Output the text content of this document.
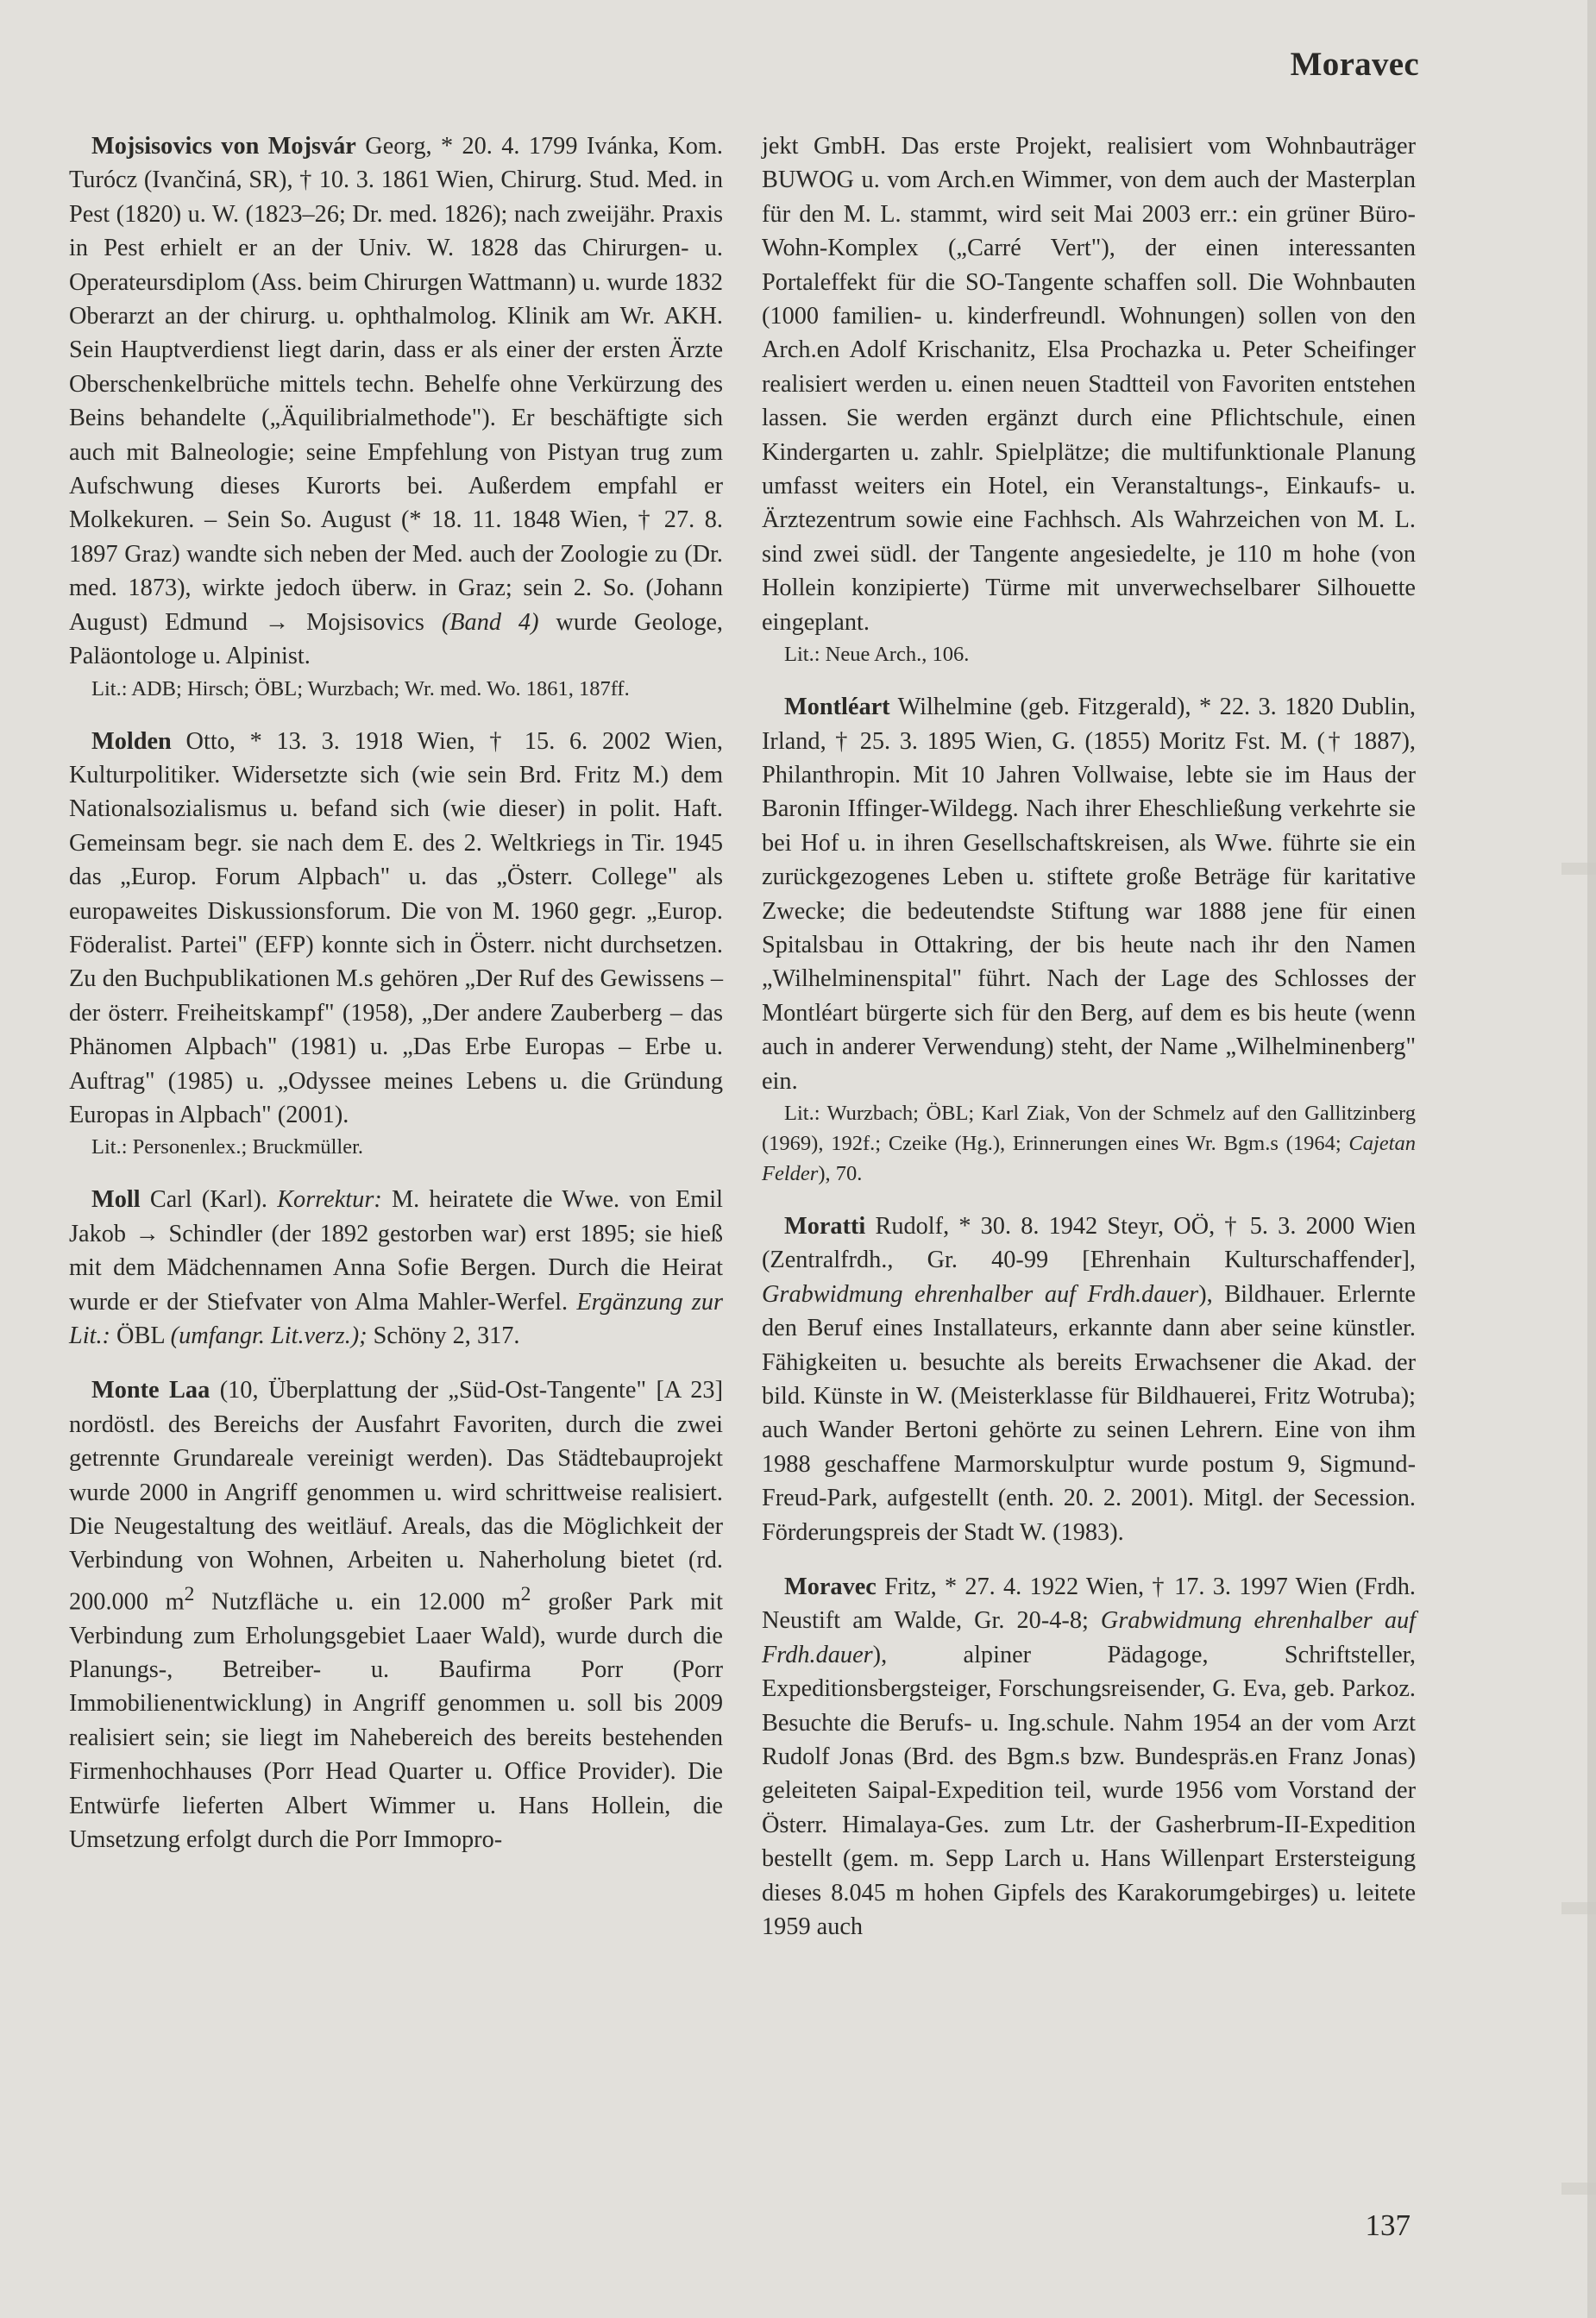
Moravec

Mojsisovics von Mojsvár Georg, * 20. 4. 1799 Ivánka, Kom. Turócz (Ivančiná, SR), † 10. 3. 1861 Wien, Chirurg. Stud. Med. in Pest (1820) u. W. (1823–26; Dr. med. 1826); nach zweijähr. Praxis in Pest erhielt er an der Univ. W. 1828 das Chirurgen- u. Operateursdiplom (Ass. beim Chirurgen Wattmann) u. wurde 1832 Oberarzt an der chirurg. u. ophthalmolog. Klinik am Wr. AKH. Sein Hauptverdienst liegt darin, dass er als einer der ersten Ärzte Oberschenkelbrüche mittels techn. Behelfe ohne Verkürzung des Beins behandelte („Äquilibrialmethode"). Er beschäftigte sich auch mit Balneologie; seine Empfehlung von Pistyan trug zum Aufschwung dieses Kurorts bei. Außerdem empfahl er Molkekuren. – Sein So. August (* 18. 11. 1848 Wien, † 27. 8. 1897 Graz) wandte sich neben der Med. auch der Zoologie zu (Dr. med. 1873), wirkte jedoch überw. in Graz; sein 2. So. (Johann August) Edmund → Mojsisovics (Band 4) wurde Geologe, Paläontologe u. Alpinist.

Lit.: ADB; Hirsch; ÖBL; Wurzbach; Wr. med. Wo. 1861, 187ff.

Molden Otto, * 13. 3. 1918 Wien, † 15. 6. 2002 Wien, Kulturpolitiker. Widersetzte sich (wie sein Brd. Fritz M.) dem Nationalsozialismus u. befand sich (wie dieser) in polit. Haft. Gemeinsam begr. sie nach dem E. des 2. Weltkriegs in Tir. 1945 das „Europ. Forum Alpbach" u. das „Österr. College" als europaweites Diskussionsforum. Die von M. 1960 gegr. „Europ. Föderalist. Partei" (EFP) konnte sich in Österr. nicht durchsetzen. Zu den Buchpublikationen M.s gehören „Der Ruf des Gewissens – der österr. Freiheitskampf" (1958), „Der andere Zauberberg – das Phänomen Alpbach" (1981) u. „Das Erbe Europas – Erbe u. Auftrag" (1985) u. „Odyssee meines Lebens u. die Gründung Europas in Alpbach" (2001).

Lit.: Personenlex.; Bruckmüller.

Moll Carl (Karl). Korrektur: M. heiratete die Wwe. von Emil Jakob → Schindler (der 1892 gestorben war) erst 1895; sie hieß mit dem Mädchennamen Anna Sofie Bergen. Durch die Heirat wurde er der Stiefvater von Alma Mahler-Werfel. Ergänzung zur Lit.: ÖBL (umfangr. Lit.verz.); Schöny 2, 317.

Monte Laa (10, Überplattung der „Süd-Ost-Tangente" [A 23] nordöstl. des Bereichs der Ausfahrt Favoriten, durch die zwei getrennte Grundareale vereinigt werden). Das Städtebauprojekt wurde 2000 in Angriff genommen u. wird schrittweise realisiert. Die Neugestaltung des weitläuf. Areals, das die Möglichkeit der Verbindung von Wohnen, Arbeiten u. Naherholung bietet (rd. 200.000 $m^2$ Nutzfläche u. ein 12.000 $m^2$ großer Park mit Verbindung zum Erholungsgebiet Laaer Wald), wurde durch die Planungs-, Betreiber- u. Baufirma Porr (Porr Immobilienentwicklung) in Angriff genommen u. soll bis 2009 realisiert sein; sie liegt im Nahebereich des bereits bestehenden Firmenhochhauses (Porr Head Quarter u. Office Provider). Die Entwürfe lieferten Albert Wimmer u. Hans Hollein, die Umsetzung erfolgt durch die Porr Immopro-

jekt GmbH. Das erste Projekt, realisiert vom Wohnbauträger BUWOG u. vom Arch.en Wimmer, von dem auch der Masterplan für den M. L. stammt, wird seit Mai 2003 err.: ein grüner Büro-Wohn-Komplex („Carré Vert"), der einen interessanten Portaleffekt für die SO-Tangente schaffen soll. Die Wohnbauten (1000 familien- u. kinderfreundl. Wohnungen) sollen von den Arch.en Adolf Krischanitz, Elsa Prochazka u. Peter Scheifinger realisiert werden u. einen neuen Stadtteil von Favoriten entstehen lassen. Sie werden ergänzt durch eine Pflichtschule, einen Kindergarten u. zahlr. Spielplätze; die multifunktionale Planung umfasst weiters ein Hotel, ein Veranstaltungs-, Einkaufs- u. Ärztezentrum sowie eine Fachhsch. Als Wahrzeichen von M. L. sind zwei südl. der Tangente angesiedelte, je 110 m hohe (von Hollein konzipierte) Türme mit unverwechselbarer Silhouette eingeplant.

Lit.: Neue Arch., 106.

Montléart Wilhelmine (geb. Fitzgerald), * 22. 3. 1820 Dublin, Irland, † 25. 3. 1895 Wien, G. (1855) Moritz Fst. M. († 1887), Philanthropin. Mit 10 Jahren Vollwaise, lebte sie im Haus der Baronin Iffinger-Wildegg. Nach ihrer Eheschließung verkehrte sie bei Hof u. in ihren Gesellschaftskreisen, als Wwe. führte sie ein zurückgezogenes Leben u. stiftete große Beträge für karitative Zwecke; die bedeutendste Stiftung war 1888 jene für einen Spitalsbau in Ottakring, der bis heute nach ihr den Namen „Wilhelminenspital" führt. Nach der Lage des Schlosses der Montléart bürgerte sich für den Berg, auf dem es bis heute (wenn auch in anderer Verwendung) steht, der Name „Wilhelminenberg" ein.

Lit.: Wurzbach; ÖBL; Karl Ziak, Von der Schmelz auf den Gallitzinberg (1969), 192f.; Czeike (Hg.), Erinnerungen eines Wr. Bgm.s (1964; Cajetan Felder), 70.

Moratti Rudolf, * 30. 8. 1942 Steyr, OÖ, † 5. 3. 2000 Wien (Zentralfrdh., Gr. 40-99 [Ehrenhain Kulturschaffender], Grabwidmung ehrenhalber auf Frdh.dauer), Bildhauer. Erlernte den Beruf eines Installateurs, erkannte dann aber seine künstler. Fähigkeiten u. besuchte als bereits Erwachsener die Akad. der bild. Künste in W. (Meisterklasse für Bildhauerei, Fritz Wotruba); auch Wander Bertoni gehörte zu seinen Lehrern. Eine von ihm 1988 geschaffene Marmorskulptur wurde postum 9, Sigmund-Freud-Park, aufgestellt (enth. 20. 2. 2001). Mitgl. der Secession. Förderungspreis der Stadt W. (1983).

Moravec Fritz, * 27. 4. 1922 Wien, † 17. 3. 1997 Wien (Frdh. Neustift am Walde, Gr. 20-4-8; Grabwidmung ehrenhalber auf Frdh.dauer), alpiner Pädagoge, Schriftsteller, Expeditionsbergsteiger, Forschungsreisender, G. Eva, geb. Parkoz. Besuchte die Berufs- u. Ing.schule. Nahm 1954 an der vom Arzt Rudolf Jonas (Brd. des Bgm.s bzw. Bundespräs.en Franz Jonas) geleiteten Saipal-Expedition teil, wurde 1956 vom Vorstand der Österr. Himalaya-Ges. zum Ltr. der Gasherbrum-II-Expedition bestellt (gem. m. Sepp Larch u. Hans Willenpart Erstersteigung dieses 8.045 m hohen Gipfels des Karakorumgebirges) u. leitete 1959 auch

137
